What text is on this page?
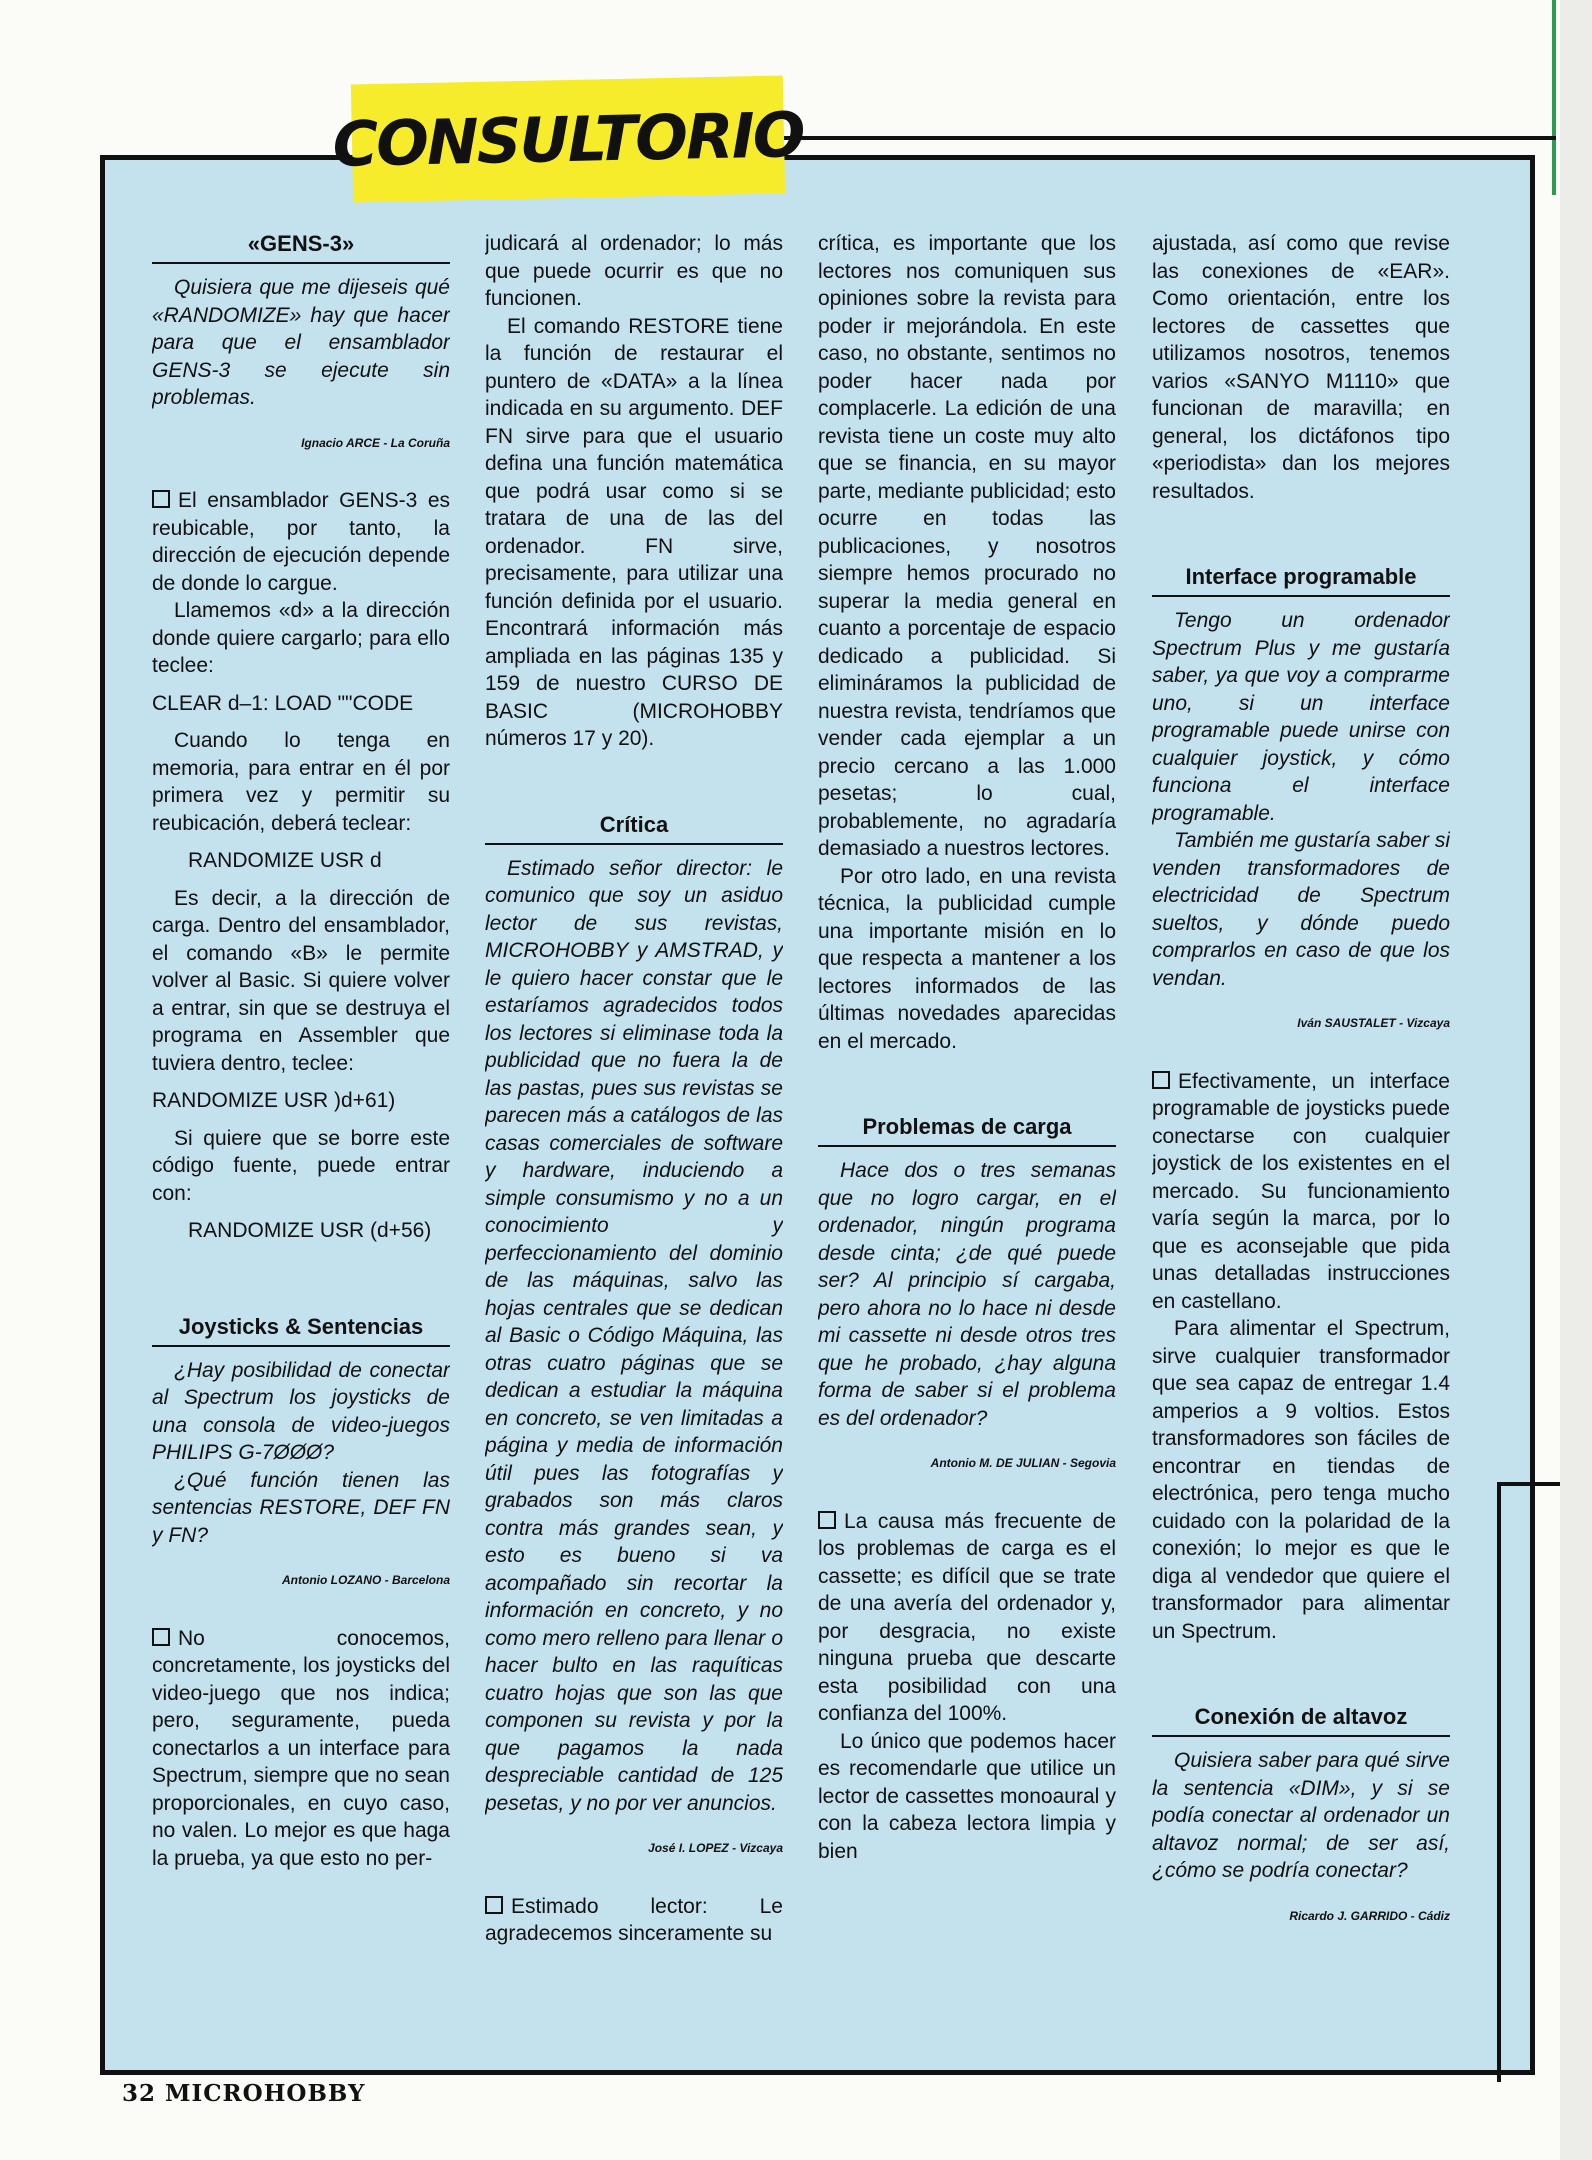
CONSULTORIO
«GENS-3»

Quisiera que me dijeseis qué «RANDOMIZE» hay que hacer para que el ensamblador GENS-3 se ejecute sin problemas.

Ignacio ARCE - La Coruña

El ensamblador GENS-3 es reubicable, por tanto, la dirección de ejecución depende de donde lo cargue.

Llamemos «d» a la dirección donde quiere cargarlo; para ello teclee:

CLEAR d–1: LOAD ""CODE

Cuando lo tenga en memoria, para entrar en él por primera vez y permitir su reubicación, deberá teclear:

RANDOMIZE USR d

Es decir, a la dirección de carga. Dentro del ensamblador, el comando «B» le permite volver al Basic. Si quiere volver a entrar, sin que se destruya el programa en Assembler que tuviera dentro, teclee:

RANDOMIZE USR )d+61)

Si quiere que se borre este código fuente, puede entrar con:

RANDOMIZE USR (d+56)
Joysticks & Sentencias

¿Hay posibilidad de conectar al Spectrum los joysticks de una consola de video-juegos PHILIPS G-7ØØØ?

¿Qué función tienen las sentencias RESTORE, DEF FN y FN?

Antonio LOZANO - Barcelona

No conocemos, concretamente, los joysticks del video-juego que nos indica; pero, seguramente, pueda conectarlos a un interface para Spectrum, siempre que no sean proporcionales, en cuyo caso, no valen. Lo mejor es que haga la prueba, ya que esto no per-

judicará al ordenador; lo más que puede ocurrir es que no funcionen.

El comando RESTORE tiene la función de restaurar el puntero de «DATA» a la línea indicada en su argumento. DEF FN sirve para que el usuario defina una función matemática que podrá usar como si se tratara de una de las del ordenador. FN sirve, precisamente, para utilizar una función definida por el usuario. Encontrará información más ampliada en las páginas 135 y 159 de nuestro CURSO DE BASIC (MICROHOBBY números 17 y 20).

Crítica

Estimado señor director: le comunico que soy un asiduo lector de sus revistas, MICROHOBBY y AMSTRAD, y le quiero hacer constar que le estaríamos agradecidos todos los lectores si eliminase toda la publicidad que no fuera la de las pastas, pues sus revistas se parecen más a catálogos de las casas comerciales de software y hardware, induciendo a simple consumismo y no a un conocimiento y perfeccionamiento del dominio de las máquinas, salvo las hojas centrales que se dedican al Basic o Código Máquina, las otras cuatro páginas que se dedican a estudiar la máquina en concreto, se ven limitadas a página y media de información útil pues las fotografías y grabados son más claros contra más grandes sean, y esto es bueno si va acompañado sin recortar la información en concreto, y no como mero relleno para llenar o hacer bulto en las raquíticas cuatro hojas que son las que componen su revista y por la que pagamos la nada despreciable cantidad de 125 pesetas, y no por ver anuncios.

José I. LOPEZ - Vizcaya

Estimado lector: Le agradecemos sinceramente su

crítica, es importante que los lectores nos comuniquen sus opiniones sobre la revista para poder ir mejorándola. En este caso, no obstante, sentimos no poder hacer nada por complacerle. La edición de una revista tiene un coste muy alto que se financia, en su mayor parte, mediante publicidad; esto ocurre en todas las publicaciones, y nosotros siempre hemos procurado no superar la media general en cuanto a porcentaje de espacio dedicado a publicidad. Si elimináramos la publicidad de nuestra revista, tendríamos que vender cada ejemplar a un precio cercano a las 1.000 pesetas; lo cual, probablemente, no agradaría demasiado a nuestros lectores.

Por otro lado, en una revista técnica, la publicidad cumple una importante misión en lo que respecta a mantener a los lectores informados de las últimas novedades aparecidas en el mercado.

Problemas de carga

Hace dos o tres semanas que no logro cargar, en el ordenador, ningún programa desde cinta; ¿de qué puede ser? Al principio sí cargaba, pero ahora no lo hace ni desde mi cassette ni desde otros tres que he probado, ¿hay alguna forma de saber si el problema es del ordenador?

Antonio M. DE JULIAN - Segovia

La causa más frecuente de los problemas de carga es el cassette; es difícil que se trate de una avería del ordenador y, por desgracia, no existe ninguna prueba que descarte esta posibilidad con una confianza del 100%.

Lo único que podemos hacer es recomendarle que utilice un lector de cassettes monoaural y con la cabeza lectora limpia y bien

ajustada, así como que revise las conexiones de «EAR». Como orientación, entre los lectores de cassettes que utilizamos nosotros, tenemos varios «SANYO M1110» que funcionan de maravilla; en general, los dictáfonos tipo «periodista» dan los mejores resultados.

Interface programable

Tengo un ordenador Spectrum Plus y me gustaría saber, ya que voy a comprarme uno, si un interface programable puede unirse con cualquier joystick, y cómo funciona el interface programable.

También me gustaría saber si venden transformadores de electricidad de Spectrum sueltos, y dónde puedo comprarlos en caso de que los vendan.

Iván SAUSTALET - Vizcaya

Efectivamente, un interface programable de joysticks puede conectarse con cualquier joystick de los existentes en el mercado. Su funcionamiento varía según la marca, por lo que es aconsejable que pida unas detalladas instrucciones en castellano.

Para alimentar el Spectrum, sirve cualquier transformador que sea capaz de entregar 1.4 amperios a 9 voltios. Estos transformadores son fáciles de encontrar en tiendas de electrónica, pero tenga mucho cuidado con la polaridad de la conexión; lo mejor es que le diga al vendedor que quiere el transformador para alimentar un Spectrum.

Conexión de altavoz

Quisiera saber para qué sirve la sentencia «DIM», y si se podía conectar al ordenador un altavoz normal; de ser así, ¿cómo se podría conectar?

Ricardo J. GARRIDO - Cádiz
32 MICROHOBBY
